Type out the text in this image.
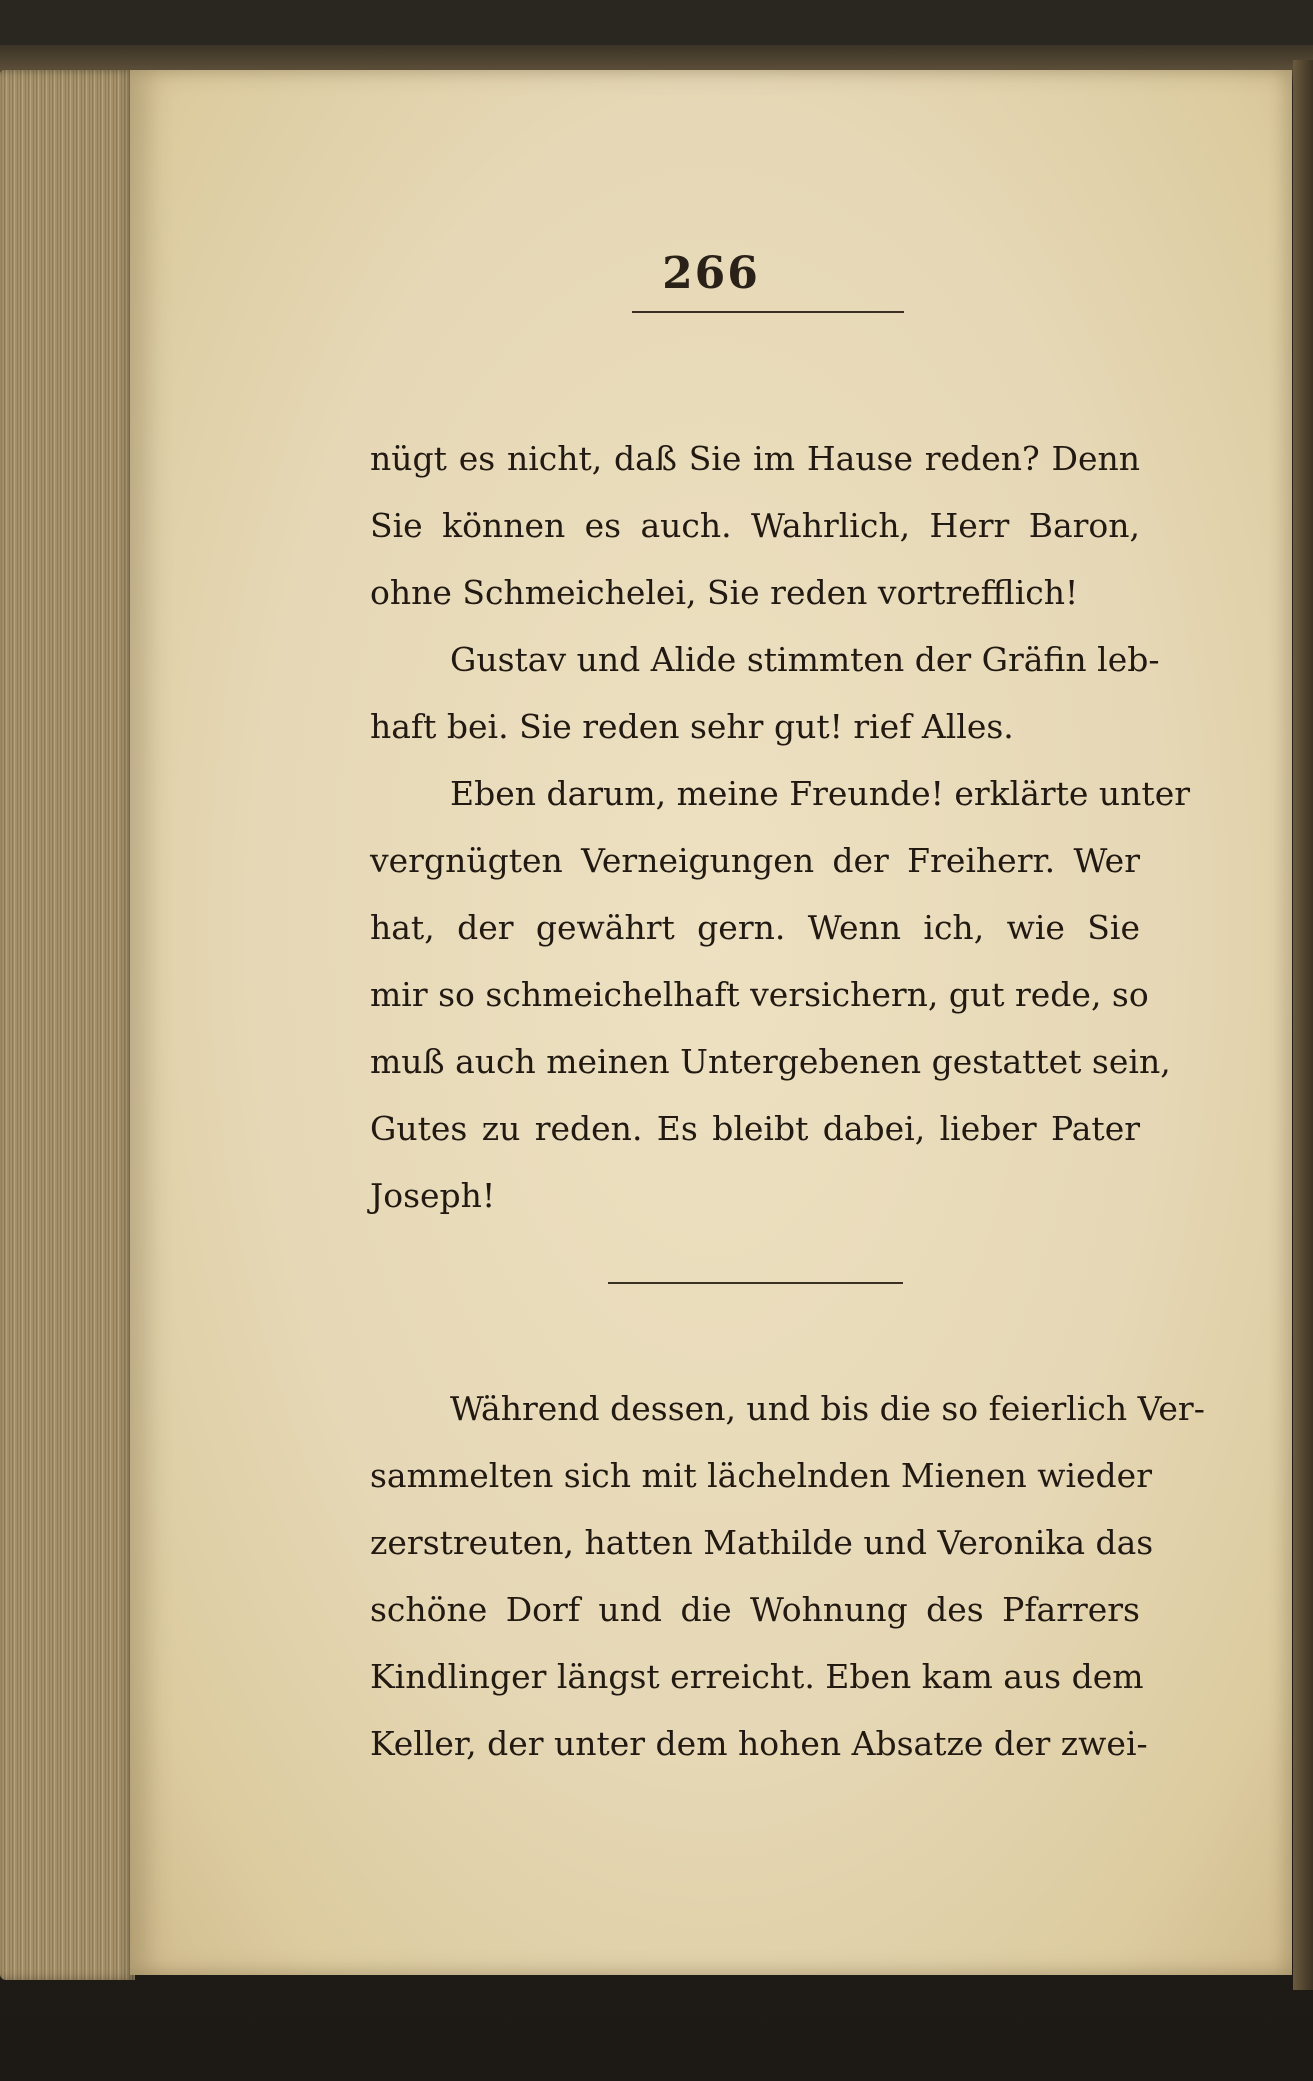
266
nügt es nicht, daß Sie im Hause reden? Denn
Sie können es auch. Wahrlich, Herr Baron,
ohne Schmeichelei, Sie reden vortrefflich!
Gustav und Alide stimmten der Gräfin leb-
haft bei. Sie reden sehr gut! rief Alles.
Eben darum, meine Freunde! erklärte unter
vergnügten Verneigungen der Freiherr. Wer
hat, der gewährt gern. Wenn ich, wie Sie
mir so schmeichelhaft versichern, gut rede, so
muß auch meinen Untergebenen gestattet sein,
Gutes zu reden. Es bleibt dabei, lieber Pater
Joseph!
Während dessen, und bis die so feierlich Ver-
sammelten sich mit lächelnden Mienen wieder
zerstreuten, hatten Mathilde und Veronika das
schöne Dorf und die Wohnung des Pfarrers
Kindlinger längst erreicht. Eben kam aus dem
Keller, der unter dem hohen Absatze der zwei-
